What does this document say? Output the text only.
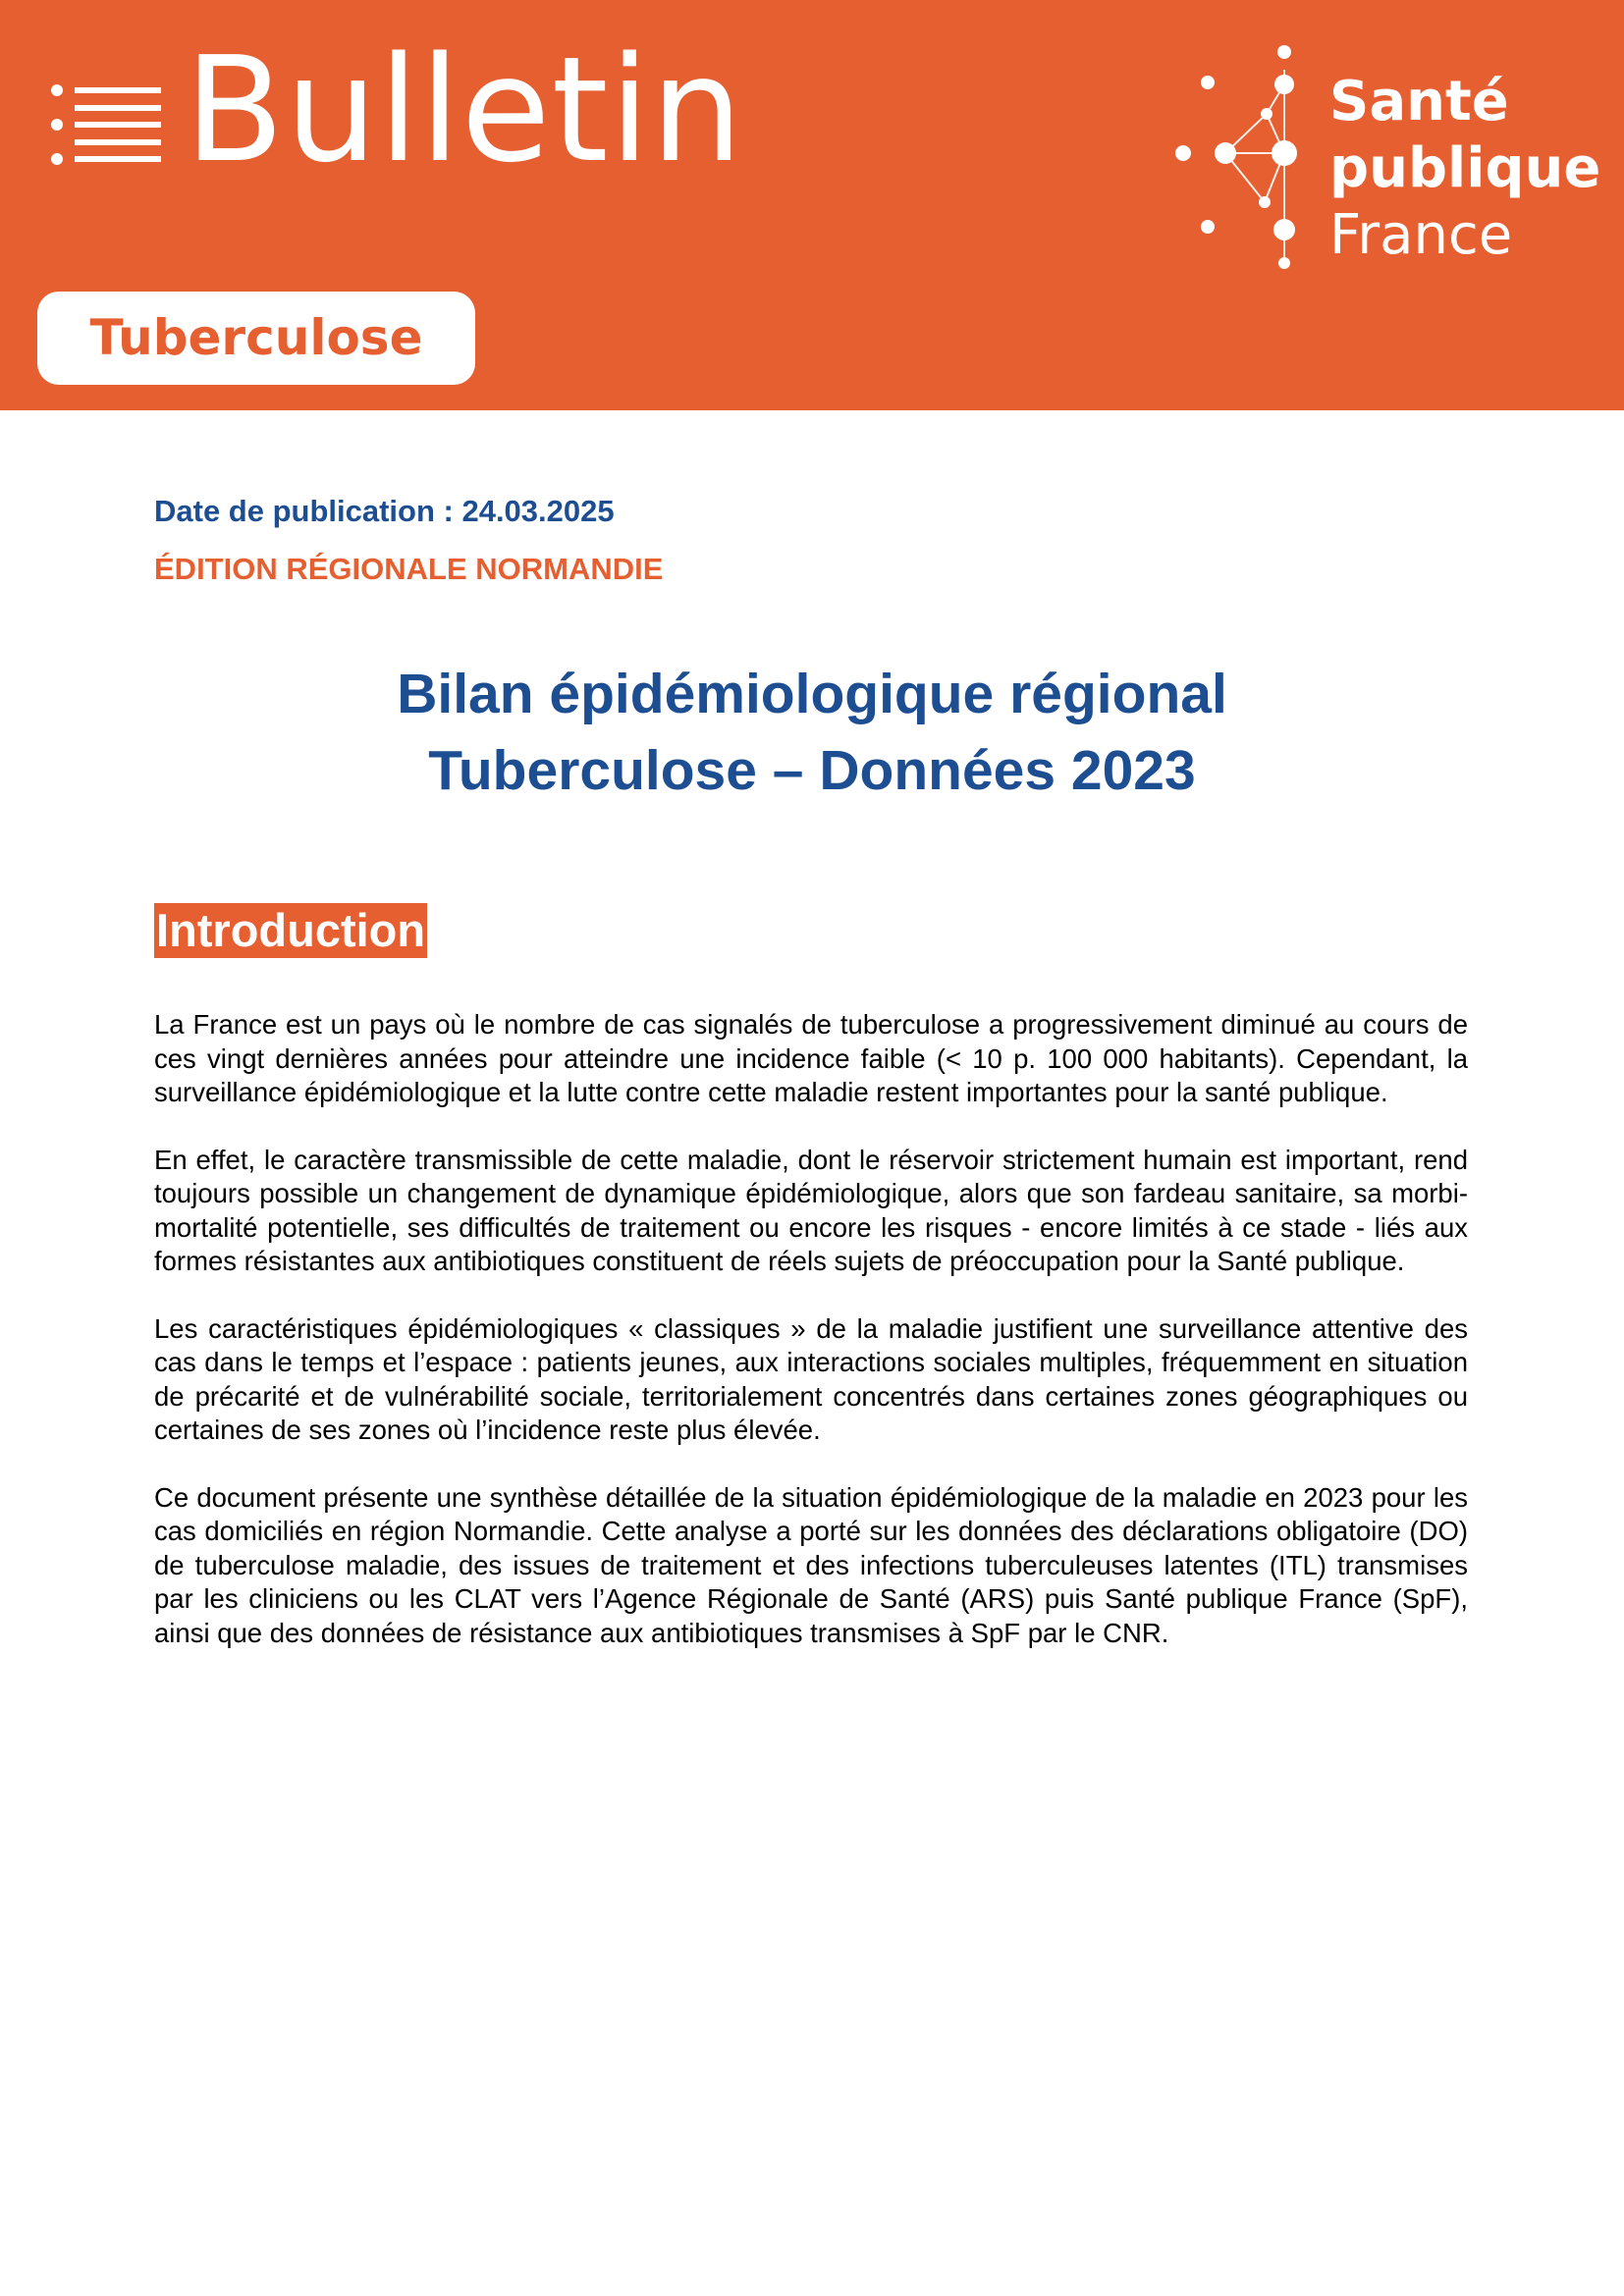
Bulletin	Santé
publique
France
Tuberculose
Date de publication : 24.03.2025
ÉDITION RÉGIONALE NORMANDIE
Bilan épidémiologique régional
Tuberculose – Données 2023
Introduction

La France est un pays où le nombre de cas signalés de tuberculose a progressivement diminué au cours de ces vingt dernières années pour atteindre une incidence faible (< 10 p. 100 000 habitants). Cependant, la surveillance épidémiologique et la lutte contre cette maladie restent importantes pour la santé publique.

En effet, le caractère transmissible de cette maladie, dont le réservoir strictement humain est important, rend toujours possible un changement de dynamique épidémiologique, alors que son fardeau sanitaire, sa morbi-mortalité potentielle, ses difficultés de traitement ou encore les risques - encore limités à ce stade - liés aux formes résistantes aux antibiotiques constituent de réels sujets de préoccupation pour la Santé publique.

Les caractéristiques épidémiologiques « classiques » de la maladie justifient une surveillance attentive des cas dans le temps et l’espace : patients jeunes, aux interactions sociales multiples, fréquemment en situation de précarité et de vulnérabilité sociale, territorialement concentrés dans certaines zones géographiques ou certaines de ses zones où l’incidence reste plus élevée.

Ce document présente une synthèse détaillée de la situation épidémiologique de la maladie en 2023 pour les cas domiciliés en région Normandie. Cette analyse a porté sur les données des déclarations obligatoire (DO) de tuberculose maladie, des issues de traitement et des infections tuberculeuses latentes (ITL) transmises par les cliniciens ou les CLAT vers l’Agence Régionale de Santé (ARS) puis Santé publique France (SpF), ainsi que des données de résistance aux antibiotiques transmises à SpF par le CNR.
